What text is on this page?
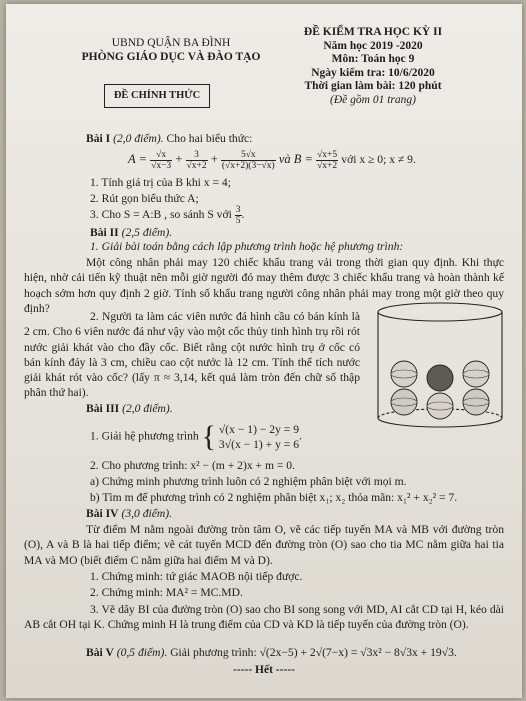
UBND QUẬN BA ĐÌNH
PHÒNG GIÁO DỤC VÀ ĐÀO TẠO
ĐỀ KIỂM TRA HỌC KỲ II
Năm học 2019 -2020
Môn: Toán học 9
Ngày kiểm tra: 10/6/2020
Thời gian làm bài: 120 phút
(Đề gồm 01 trang)
ĐỀ CHÍNH THỨC
Bài I (2,0 điểm). Cho hai biểu thức:
$A = \frac{√x}{√x-3} + \frac{3}{√x+2} + \frac{5√x}{(√x+2)(3-√x)}$ và $B = \frac{√x+5}{√x+2}$ với x ≥ 0; x ≠ 9.
1. Tính giá trị của B khi x = 4;
2. Rút gọn biểu thức A;
3. Cho S = A:B , so sánh S với $\frac{3}{5}$ .
Bài II (2,5 điểm).
1. Giải bài toán bằng cách lập phương trình hoặc hệ phương trình:
Một công nhân phải may 120 chiếc khẩu trang vải trong thời gian quy định. Khi thực hiện, nhờ cải tiến kỹ thuật nên mỗi giờ người đó may thêm được 3 chiếc khẩu trang và hoàn thành kế hoạch sớm hơn quy định 2 giờ. Tính số khẩu trang người công nhân phải may trong một giờ theo quy định?
2. Người ta làm các viên nước đá hình cầu có bán kính là 2 cm. Cho 6 viên nước đá như vậy vào một cốc thủy tinh hình trụ rồi rót nước giải khát vào cho đầy cốc. Biết rằng cột nước hình trụ ở cốc có bán kính đáy là 3 cm, chiều cao cột nước là 12 cm. Tính thể tích nước giải khát rót vào cốc? (lấy π ≈ 3,14, kết quả làm tròn đến chữ số thập phân thứ hai).
Bài III (2,0 điểm).
1. Giải hệ phương trình { √(x − 1) − 2y = 9
3√(x − 1) + y = 6
.
2. Cho phương trình: x² − (m + 2)x + m = 0.
a) Chứng minh phương trình luôn có 2 nghiệm phân biệt với mọi m.
b) Tìm m để phương trình có 2 nghiệm phân biệt x₁; x₂ thỏa mãn: x₁² + x₂² = 7.
Bài IV (3,0 điểm).
Từ điểm M nằm ngoài đường tròn tâm O, vẽ các tiếp tuyến MA và MB với đường tròn (O), A và B là hai tiếp điểm; vẽ cát tuyến MCD đến đường tròn (O) sao cho tia MC nằm giữa hai tia MA và MO (biết điểm C nằm giữa hai điểm M và D).
1. Chứng minh: tứ giác MAOB nội tiếp được.
2. Chứng minh: MA² = MC.MD.
3. Vẽ dây BI của đường tròn (O) sao cho BI song song với MD, AI cắt CD tại H, kéo dài AB cắt OH tại K. Chứng minh H là trung điểm của CD và KD là tiếp tuyến của đường tròn (O).
Bài V (0,5 điểm). Giải phương trình: √(2x−5) + 2√(7−x) = √3x² − 8√3x + 19√3.
----- Hết -----
